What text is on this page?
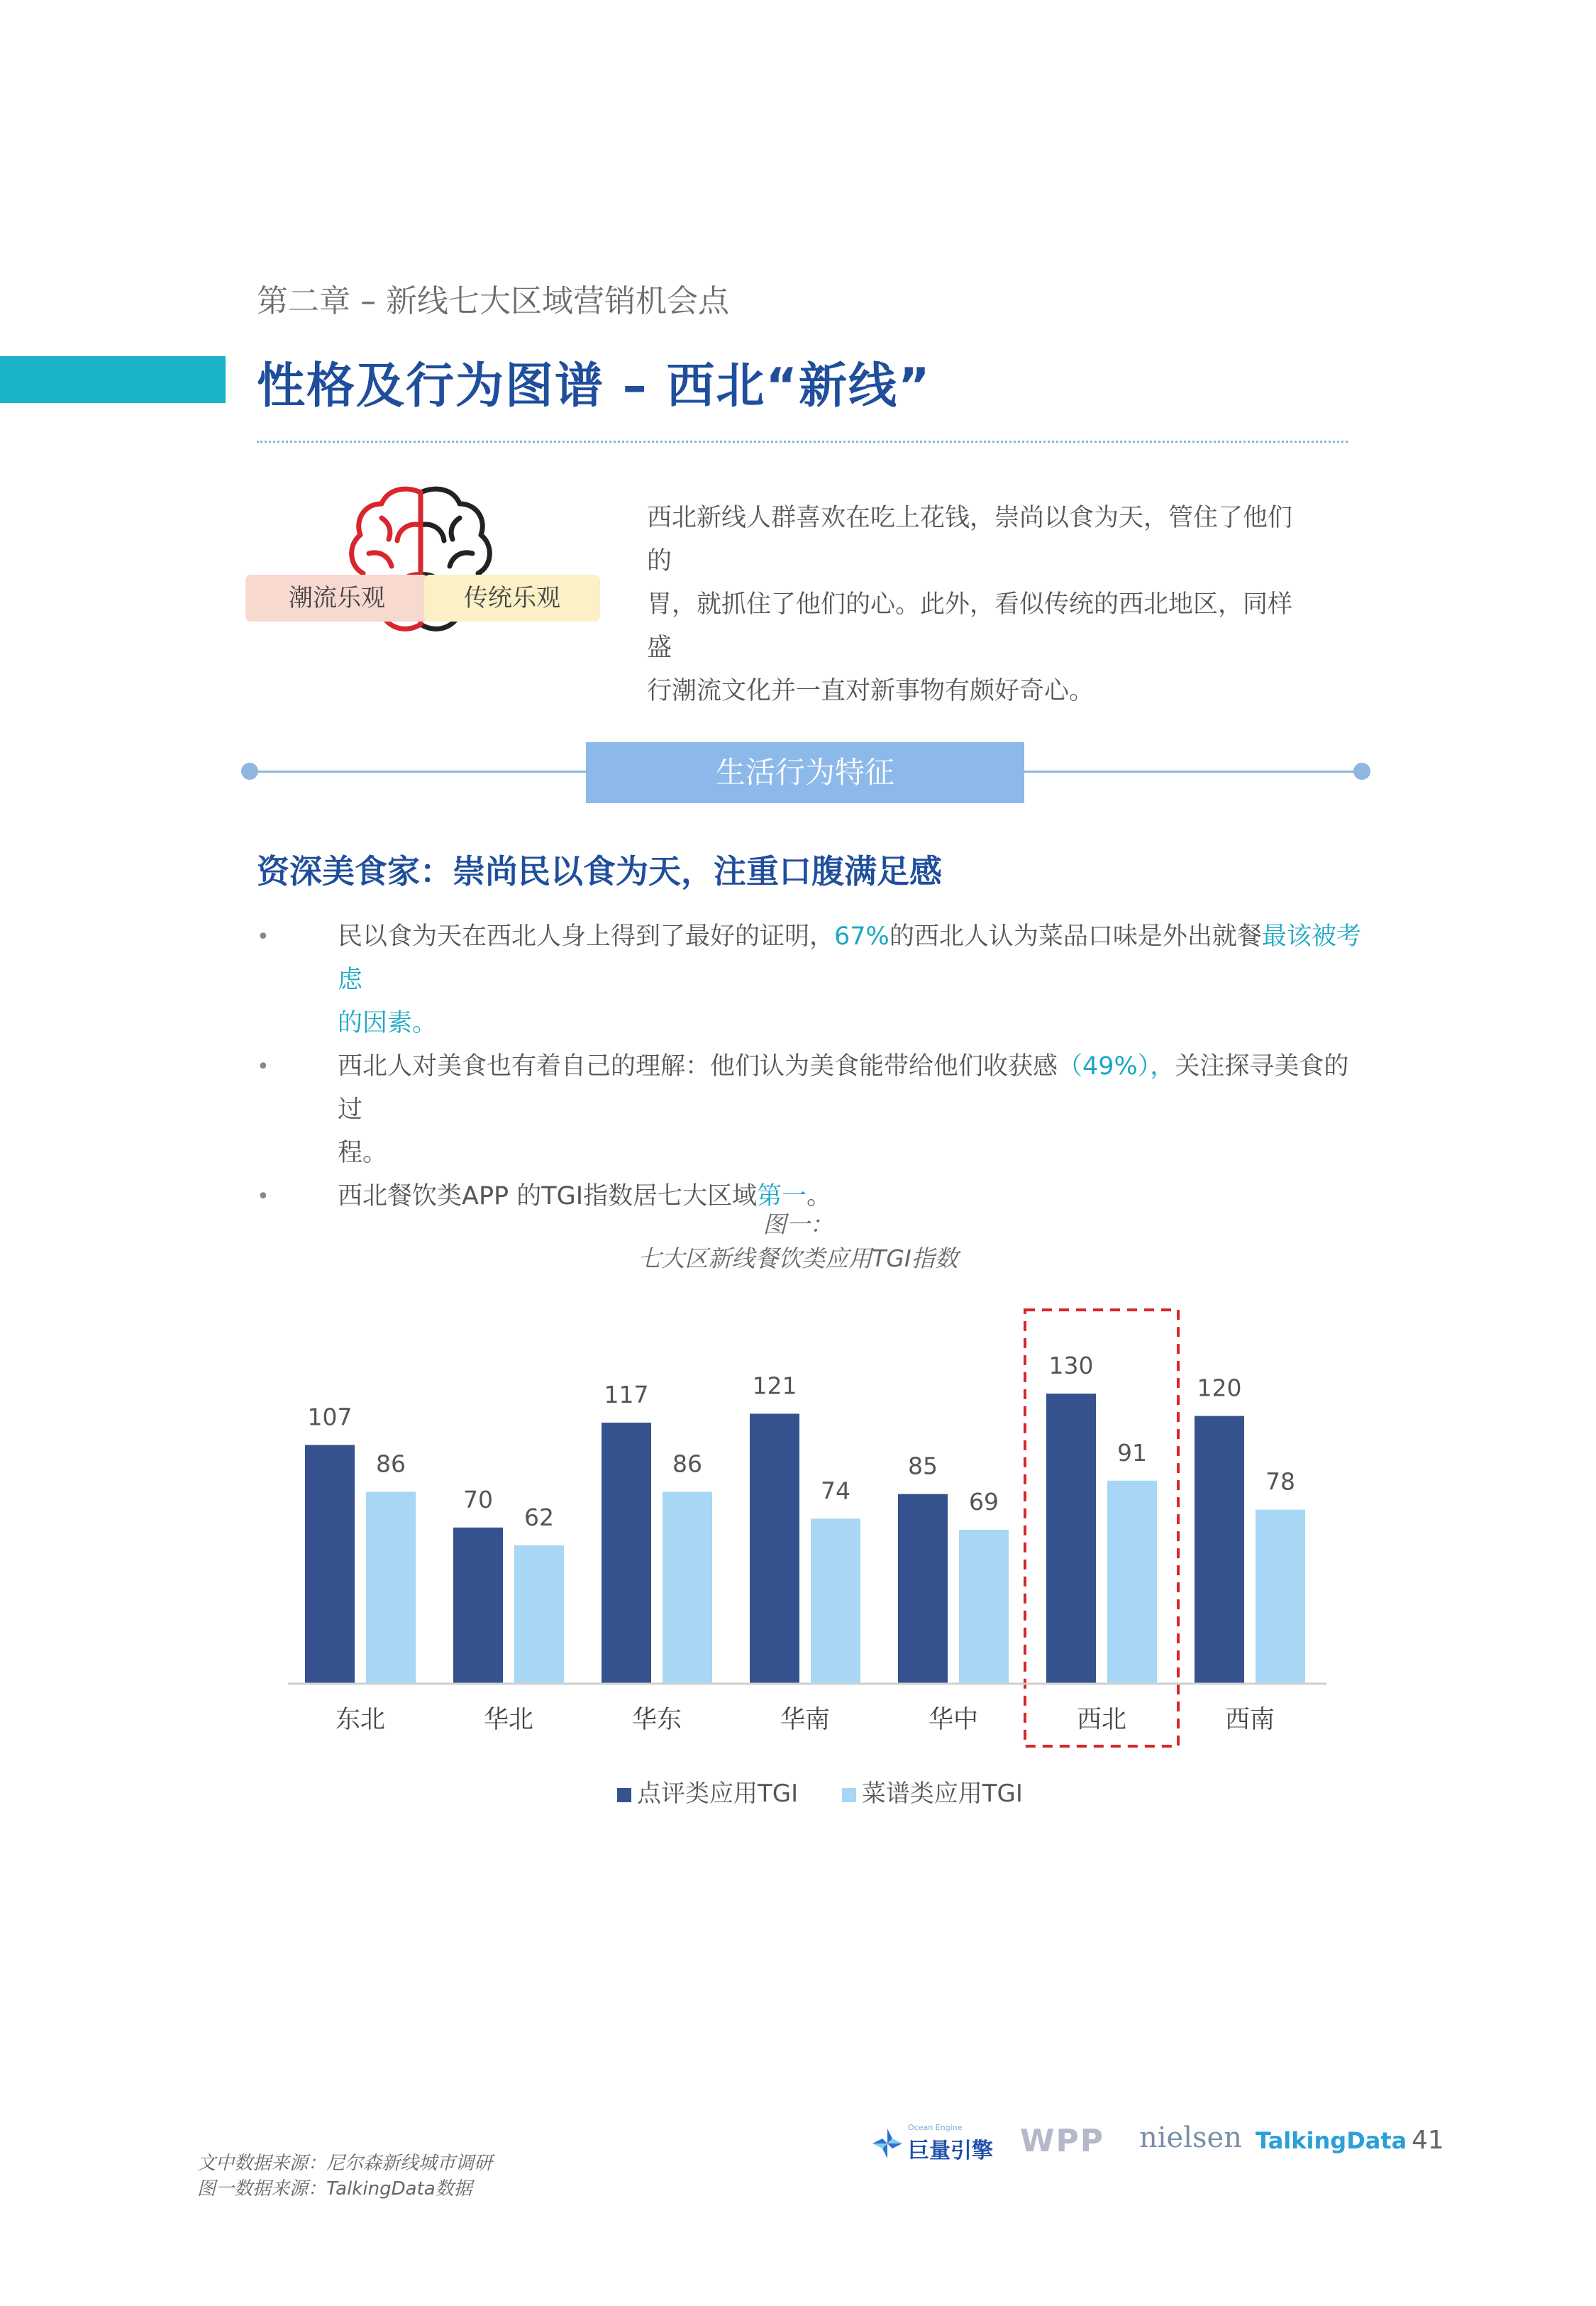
第二章 – 新线七大区域营销机会点
性格及行为图谱 – 西北“新线”
潮流乐观	传统乐观
西北新线人群喜欢在吃上花钱，崇尚以食为天，管住了他们的
胃，就抓住了他们的心。此外，看似传统的西北地区，同样盛
行潮流文化并一直对新事物有颇好奇心。
生活行为特征
资深美食家：崇尚民以食为天，注重口腹满足感
•	民以食为天在西北人身上得到了最好的证明，67%的西北人认为菜品口味是外出就餐最该被考虑
的因素。
•	西北人对美食也有着自己的理解：他们认为美食能带给他们收获感（49%），关注探寻美食的过
程。
•	西北餐饮类APP 的TGI指数居七大区域第一。
图一：
七大区新线餐饮类应用TGI指数
107
86
东北
70
62
华北
117
86
华东
121
74
华南
85
69
华中
130
91
西北
120
78
西南
点评类应用TGI	菜谱类应用TGI
文中数据来源：尼尔森新线城市调研
图一数据来源：TalkingData数据
Ocean Engine
巨量引擎 WPP nielsen TalkingData 41
